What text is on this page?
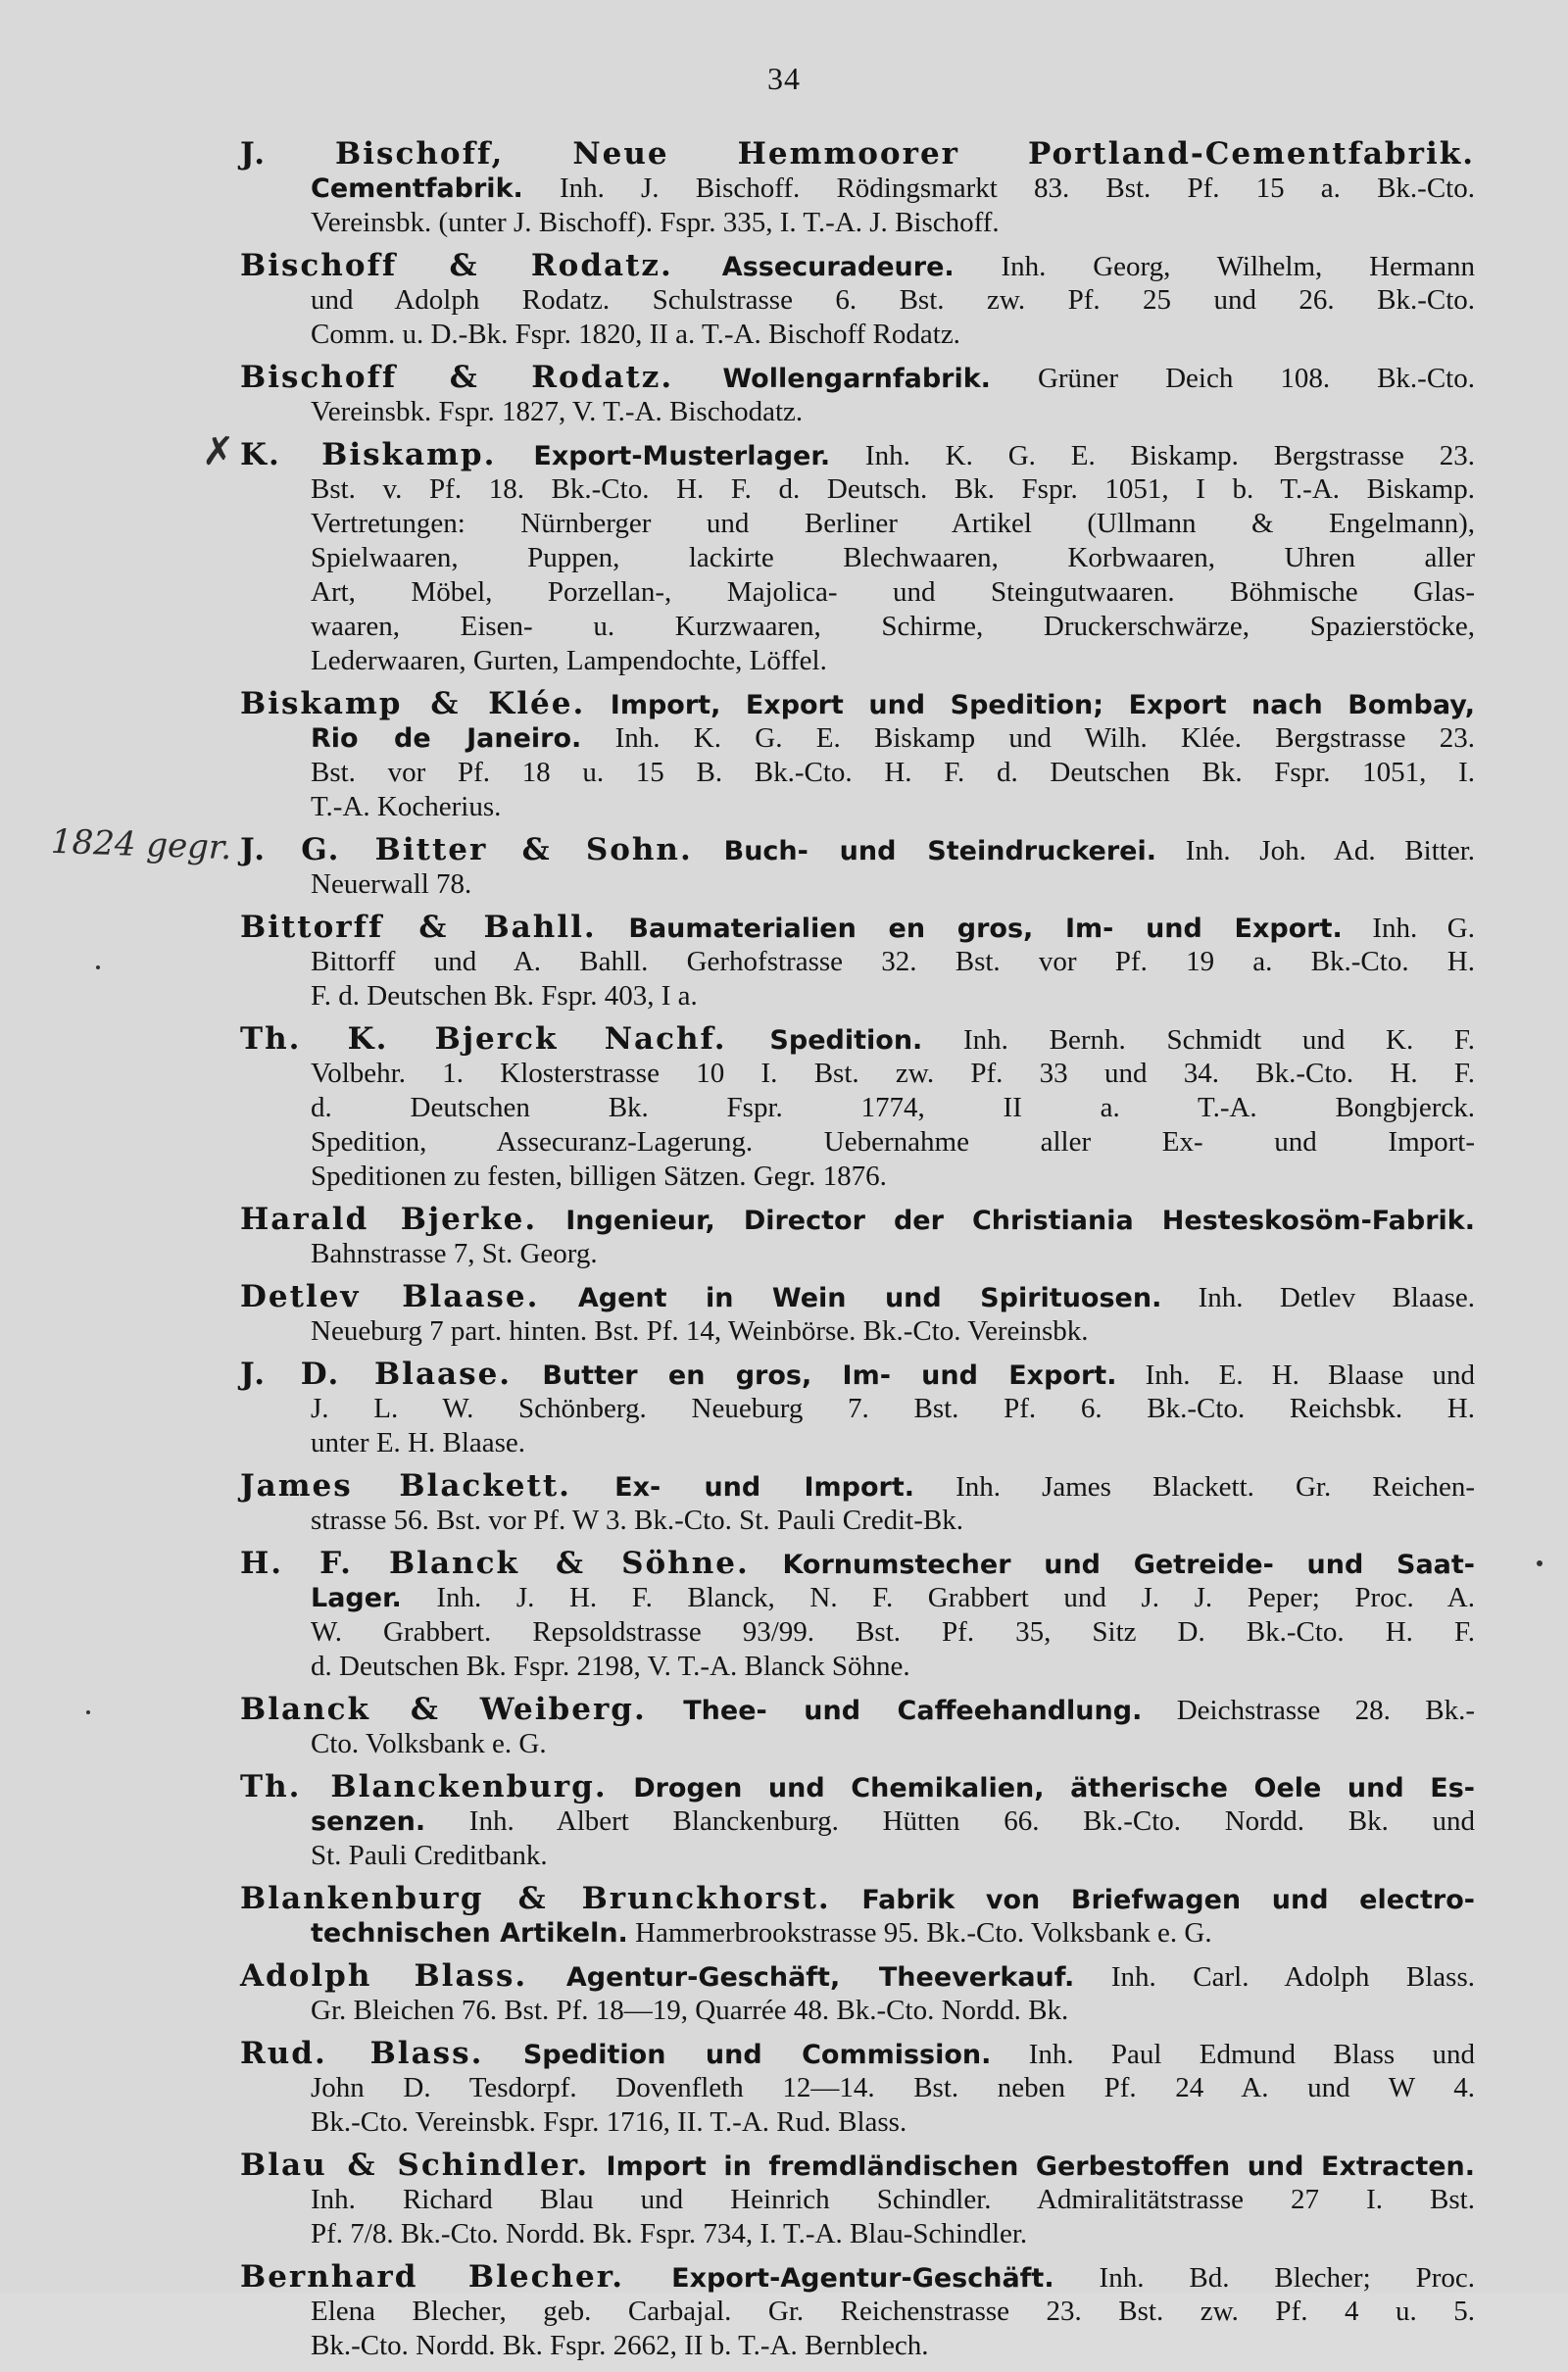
34
✗
1824 gegr.
J. Bischoff, Neue Hemmoorer Portland-Cementfabrik.
Cementfabrik. Inh. J. Bischoff. Rödingsmarkt 83. Bst. Pf. 15 a. Bk.-Cto.
Vereinsbk. (unter J. Bischoff). Fspr. 335, I. T.-A. J. Bischoff.
Bischoff & Rodatz. Assecuradeure. Inh. Georg, Wilhelm, Hermann
und Adolph Rodatz. Schulstrasse 6. Bst. zw. Pf. 25 und 26. Bk.-Cto.
Comm. u. D.-Bk. Fspr. 1820, II a. T.-A. Bischoff Rodatz.
Bischoff & Rodatz. Wollengarnfabrik. Grüner Deich 108. Bk.-Cto.
Vereinsbk. Fspr. 1827, V. T.-A. Bischodatz.
K. Biskamp. Export-Musterlager. Inh. K. G. E. Biskamp. Bergstrasse 23.
Bst. v. Pf. 18. Bk.-Cto. H. F. d. Deutsch. Bk. Fspr. 1051, I b. T.-A. Biskamp.
Vertretungen: Nürnberger und Berliner Artikel (Ullmann & Engelmann),
Spielwaaren, Puppen, lackirte Blechwaaren, Korbwaaren, Uhren aller
Art, Möbel, Porzellan-, Majolica- und Steingutwaaren. Böhmische Glas-
waaren, Eisen- u. Kurzwaaren, Schirme, Druckerschwärze, Spazierstöcke,
Lederwaaren, Gurten, Lampendochte, Löffel.
Biskamp & Klée. Import, Export und Spedition; Export nach Bombay,
Rio de Janeiro. Inh. K. G. E. Biskamp und Wilh. Klée. Bergstrasse 23.
Bst. vor Pf. 18 u. 15 B. Bk.-Cto. H. F. d. Deutschen Bk. Fspr. 1051, I.
T.-A. Kocherius.
J. G. Bitter & Sohn. Buch- und Steindruckerei. Inh. Joh. Ad. Bitter.
Neuerwall 78.
Bittorff & Bahll. Baumaterialien en gros, Im- und Export. Inh. G.
Bittorff und A. Bahll. Gerhofstrasse 32. Bst. vor Pf. 19 a. Bk.-Cto. H.
F. d. Deutschen Bk. Fspr. 403, I a.
Th. K. Bjerck Nachf. Spedition. Inh. Bernh. Schmidt und K. F.
Volbehr. 1. Klosterstrasse 10 I. Bst. zw. Pf. 33 und 34. Bk.-Cto. H. F.
d. Deutschen Bk. Fspr. 1774, II a. T.-A. Bongbjerck.
Spedition, Assecuranz-Lagerung. Uebernahme aller Ex- und Import-
Speditionen zu festen, billigen Sätzen. Gegr. 1876.
Harald Bjerke. Ingenieur, Director der Christiania Hesteskosöm-Fabrik.
Bahnstrasse 7, St. Georg.
Detlev Blaase. Agent in Wein und Spirituosen. Inh. Detlev Blaase.
Neueburg 7 part. hinten. Bst. Pf. 14, Weinbörse. Bk.-Cto. Vereinsbk.
J. D. Blaase. Butter en gros, Im- und Export. Inh. E. H. Blaase und
J. L. W. Schönberg. Neueburg 7. Bst. Pf. 6. Bk.-Cto. Reichsbk. H.
unter E. H. Blaase.
James Blackett. Ex- und Import. Inh. James Blackett. Gr. Reichen-
strasse 56. Bst. vor Pf. W 3. Bk.-Cto. St. Pauli Credit-Bk.
H. F. Blanck & Söhne. Kornumstecher und Getreide- und Saat-
Lager. Inh. J. H. F. Blanck, N. F. Grabbert und J. J. Peper; Proc. A.
W. Grabbert. Repsoldstrasse 93/99. Bst. Pf. 35, Sitz D. Bk.-Cto. H. F.
d. Deutschen Bk. Fspr. 2198, V. T.-A. Blanck Söhne.
Blanck & Weiberg. Thee- und Caffeehandlung. Deichstrasse 28. Bk.-
Cto. Volksbank e. G.
Th. Blanckenburg. Drogen und Chemikalien, ätherische Oele und Es-
senzen. Inh. Albert Blanckenburg. Hütten 66. Bk.-Cto. Nordd. Bk. und
St. Pauli Creditbank.
Blankenburg & Brunckhorst. Fabrik von Briefwagen und electro-
technischen Artikeln. Hammerbrookstrasse 95. Bk.-Cto. Volksbank e. G.
Adolph Blass. Agentur-Geschäft, Theeverkauf. Inh. Carl. Adolph Blass.
Gr. Bleichen 76. Bst. Pf. 18—19, Quarrée 48. Bk.-Cto. Nordd. Bk.
Rud. Blass. Spedition und Commission. Inh. Paul Edmund Blass und
John D. Tesdorpf. Dovenfleth 12—14. Bst. neben Pf. 24 A. und W 4.
Bk.-Cto. Vereinsbk. Fspr. 1716, II. T.-A. Rud. Blass.
Blau & Schindler. Import in fremdländischen Gerbestoffen und Extracten.
Inh. Richard Blau und Heinrich Schindler. Admiralitätstrasse 27 I. Bst.
Pf. 7/8. Bk.-Cto. Nordd. Bk. Fspr. 734, I. T.-A. Blau-Schindler.
Bernhard Blecher. Export-Agentur-Geschäft. Inh. Bd. Blecher; Proc.
Elena Blecher, geb. Carbajal. Gr. Reichenstrasse 23. Bst. zw. Pf. 4 u. 5.
Bk.-Cto. Nordd. Bk. Fspr. 2662, II b. T.-A. Bernblech.
